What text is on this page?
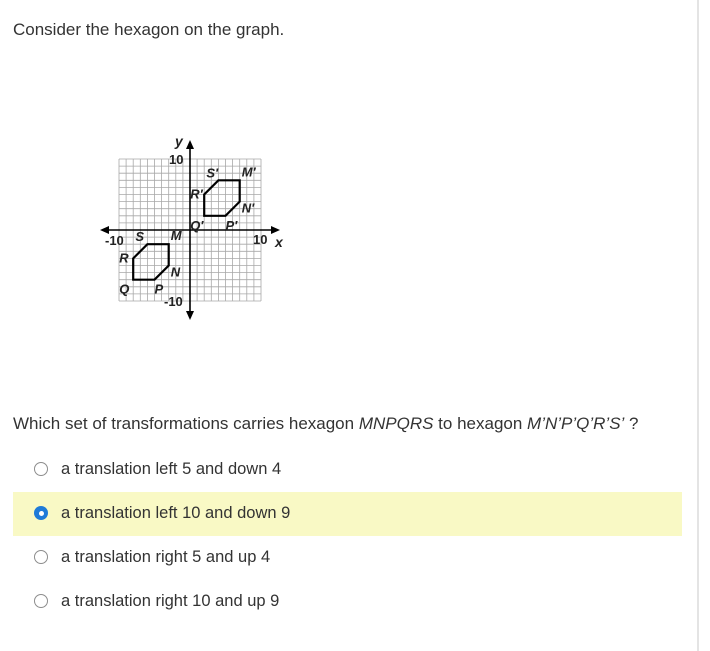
Consider the hexagon on the graph.

-10	10
10
-10
x
y
M
N
P
Q
R
S
M′
N′
P′
Q′
R′
S′

Which set of transformations carries hexagon MNPQRS to hexagon M’N’P’Q’R’S’ ?

a translation left 5 and down 4
a translation left 10 and down 9
a translation right 5 and up 4
a translation right 10 and up 9
